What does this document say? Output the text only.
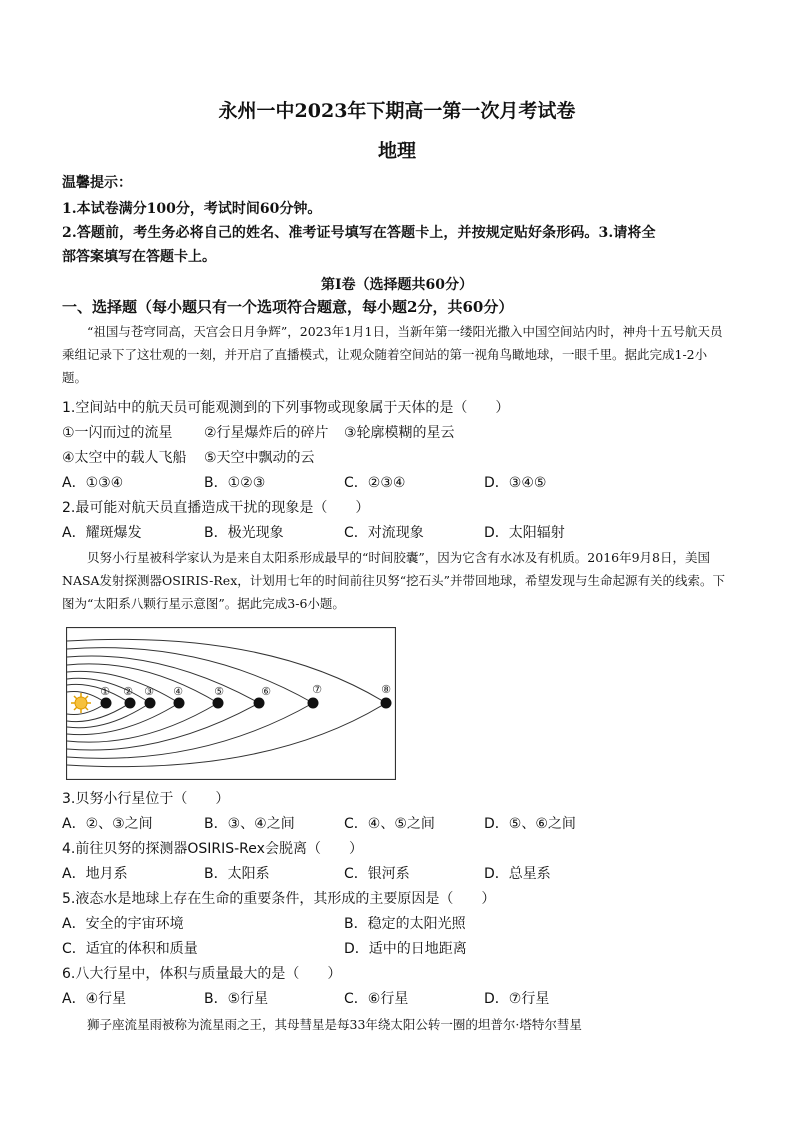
永州一中2023年下期高一第一次月考试卷
地理
温馨提示：
1.本试卷满分100分，考试时间60分钟。
2.答题前，考生务必将自己的姓名、准考证号填写在答题卡上，并按规定贴好条形码。3.请将全
部答案填写在答题卡上。
第Ⅰ卷（选择题共60分）
一、选择题（每小题只有一个选项符合题意，每小题2分，共60分）
“祖国与苍穹同高，天宫会日月争辉”，2023年1月1日，当新年第一缕阳光撒入中国空间站内时，神舟十五号航天员乘组记录下了这壮观的一刻，并开启了直播模式，让观众随着空间站的第一视角鸟瞰地球，一眼千里。据此完成1-2小题。
1.空间站中的航天员可能观测到的下列事物或现象属于天体的是（　　）
①一闪而过的流星 ②行星爆炸后的碎片 ③轮廓模糊的星云
④太空中的载人飞船 ⑤天空中飘动的云
A．①③④	B．①②③	C．②③④	D．③④⑤
2.最可能对航天员直播造成干扰的现象是（　　）
A．耀斑爆发	B．极光现象	C．对流现象	D．太阳辐射
贝努小行星被科学家认为是来自太阳系形成最早的“时间胶囊”，因为它含有水冰及有机质。2016年9月8日，美国NASA发射探测器OSIRIS-Rex，计划用七年的时间前往贝努“挖石头”并带回地球，希望发现与生命起源有关的线索。下图为“太阳系八颗行星示意图”。据此完成3-6小题。
① ② ③ ④	⑤	⑥	⑦	⑧
3.贝努小行星位于（　　）
A．②、③之间	B．③、④之间	C．④、⑤之间	D．⑤、⑥之间
4.前往贝努的探测器OSIRIS-Rex会脱离（　　）
A．地月系	B．太阳系	C．银河系	D．总星系
5.液态水是地球上存在生命的重要条件，其形成的主要原因是（　　）
A．安全的宇宙环境	B．稳定的太阳光照
C．适宜的体积和质量	D．适中的日地距离
6.八大行星中，体积与质量最大的是（　　）
A．④行星	B．⑤行星	C．⑥行星	D．⑦行星
狮子座流星雨被称为流星雨之王，其母彗星是每33年绕太阳公转一圈的坦普尔·塔特尔彗星
